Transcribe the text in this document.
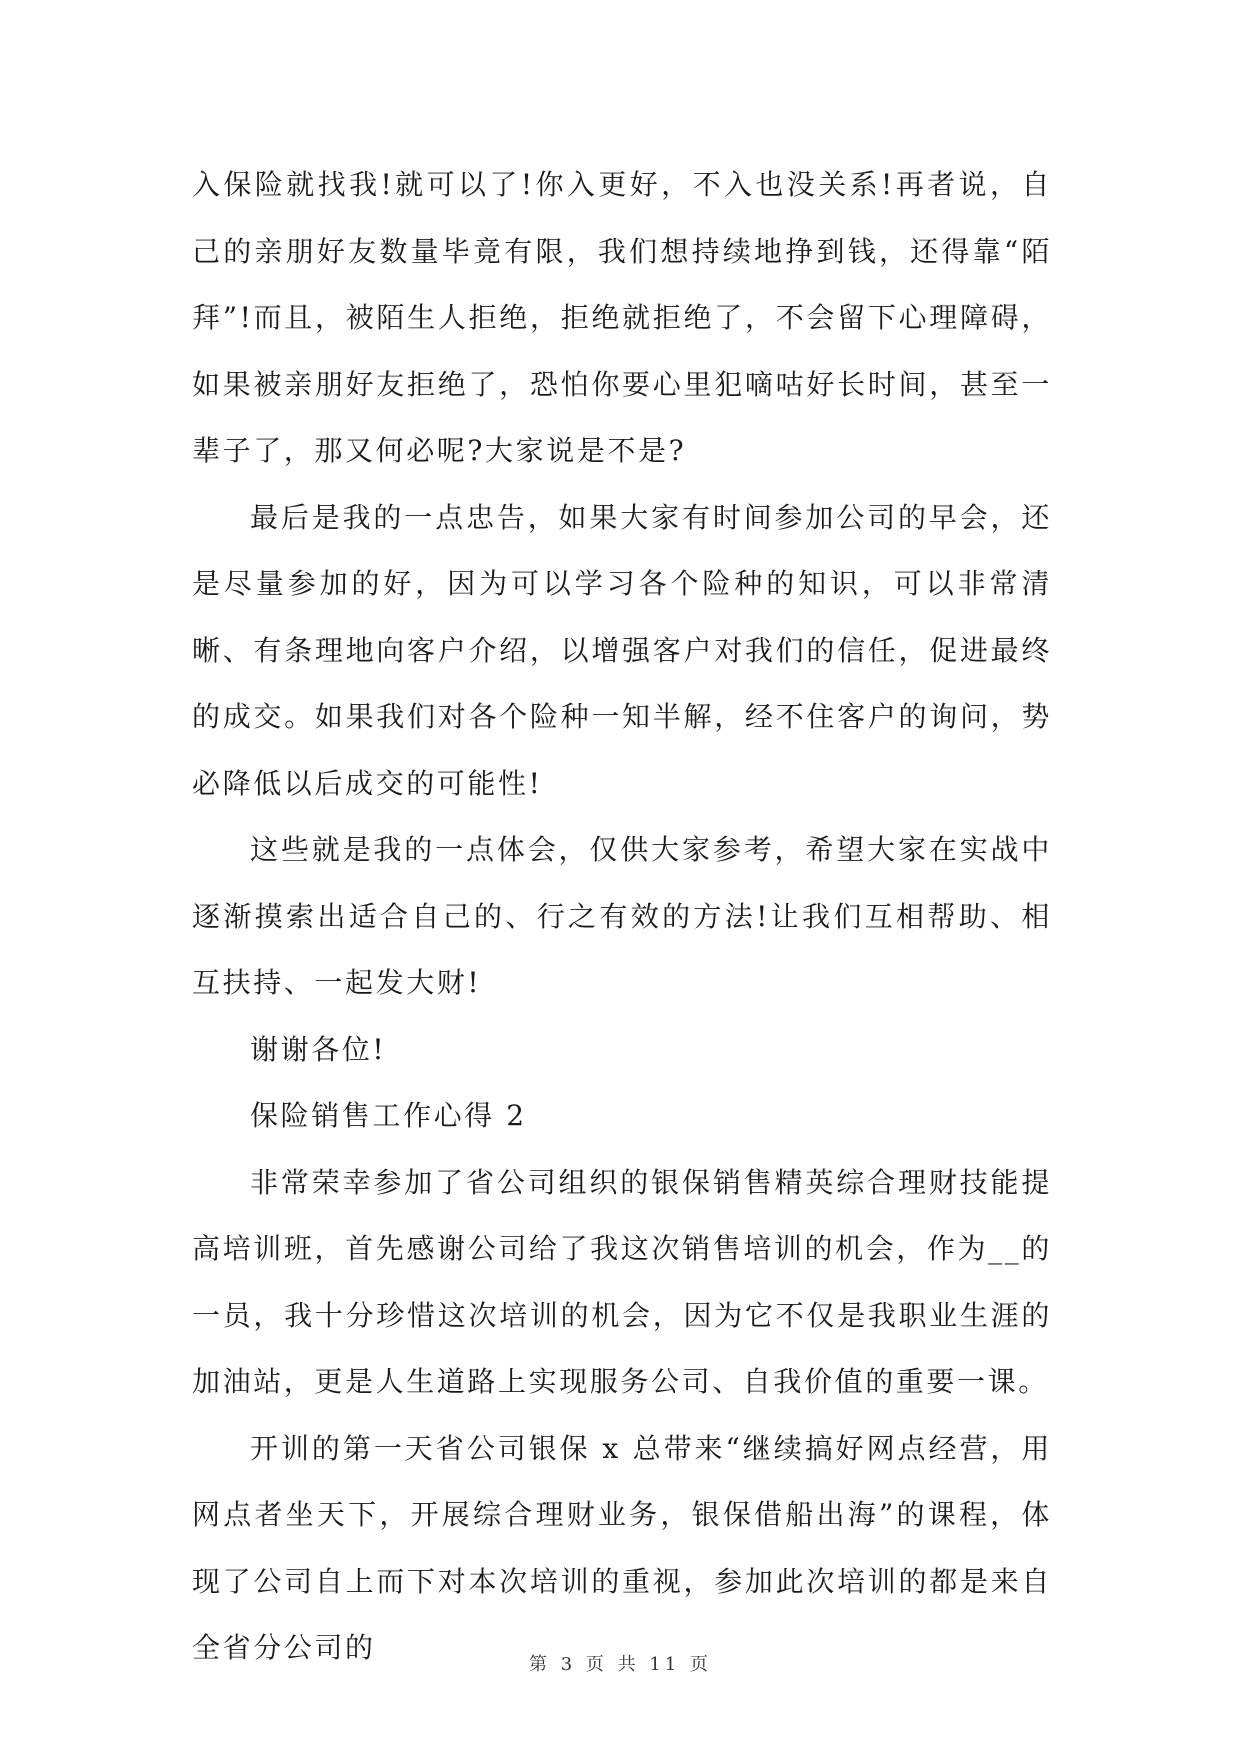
入保险就找我!就可以了!你入更好，不入也没关系!再者说，自己的亲朋好友数量毕竟有限，我们想持续地挣到钱，还得靠“陌拜”!而且，被陌生人拒绝，拒绝就拒绝了，不会留下心理障碍，如果被亲朋好友拒绝了，恐怕你要心里犯嘀咕好长时间，甚至一辈子了，那又何必呢?大家说是不是?

最后是我的一点忠告，如果大家有时间参加公司的早会，还是尽量参加的好，因为可以学习各个险种的知识，可以非常清晰、有条理地向客户介绍，以增强客户对我们的信任，促进最终的成交。如果我们对各个险种一知半解，经不住客户的询问，势必降低以后成交的可能性!

这些就是我的一点体会，仅供大家参考，希望大家在实战中逐渐摸索出适合自己的、行之有效的方法!让我们互相帮助、相互扶持、一起发大财!

谢谢各位!

保险销售工作心得 2

非常荣幸参加了省公司组织的银保销售精英综合理财技能提高培训班，首先感谢公司给了我这次销售培训的机会，作为__的一员，我十分珍惜这次培训的机会，因为它不仅是我职业生涯的加油站，更是人生道路上实现服务公司、自我价值的重要一课。

开训的第一天省公司银保 x 总带来“继续搞好网点经营，用网点者坐天下，开展综合理财业务，银保借船出海”的课程，体现了公司自上而下对本次培训的重视，参加此次培训的都是来自全省分公司的

第 3 页 共 11 页
